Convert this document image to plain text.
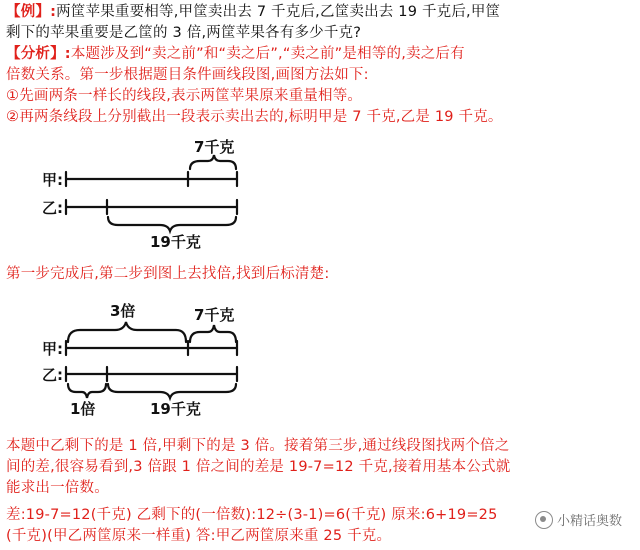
【例】:两筐苹果重要相等,甲筐卖出去 7 千克后,乙筐卖出去 19 千克后,甲筐
剩下的苹果重要是乙筐的 3 倍,两筐苹果各有多少千克?
【分析】:本题涉及到“卖之前”和“卖之后”,“卖之前”是相等的,卖之后有
倍数关系。第一步根据题目条件画线段图,画图方法如下:
①先画两条一样长的线段,表示两筐苹果原来重量相等。
②再两条线段上分别截出一段表示卖出去的,标明甲是 7 千克,乙是 19 千克。
甲:
乙:
7千克
19千克
第一步完成后,第二步到图上去找倍,找到后标清楚:
甲:
乙:
3倍	7千克
1倍	19千克
本题中乙剩下的是 1 倍,甲剩下的是 3 倍。接着第三步,通过线段图找两个倍之
间的差,很容易看到,3 倍跟 1 倍之间的差是 19-7=12 千克,接着用基本公式就
能求出一倍数。
差:19-7=12(千克) 乙剩下的(一倍数):12÷(3-1)=6(千克) 原来:6+19=25
(千克)(甲乙两筐原来一样重) 答:甲乙两筐原来重 25 千克。
小精话奥数
